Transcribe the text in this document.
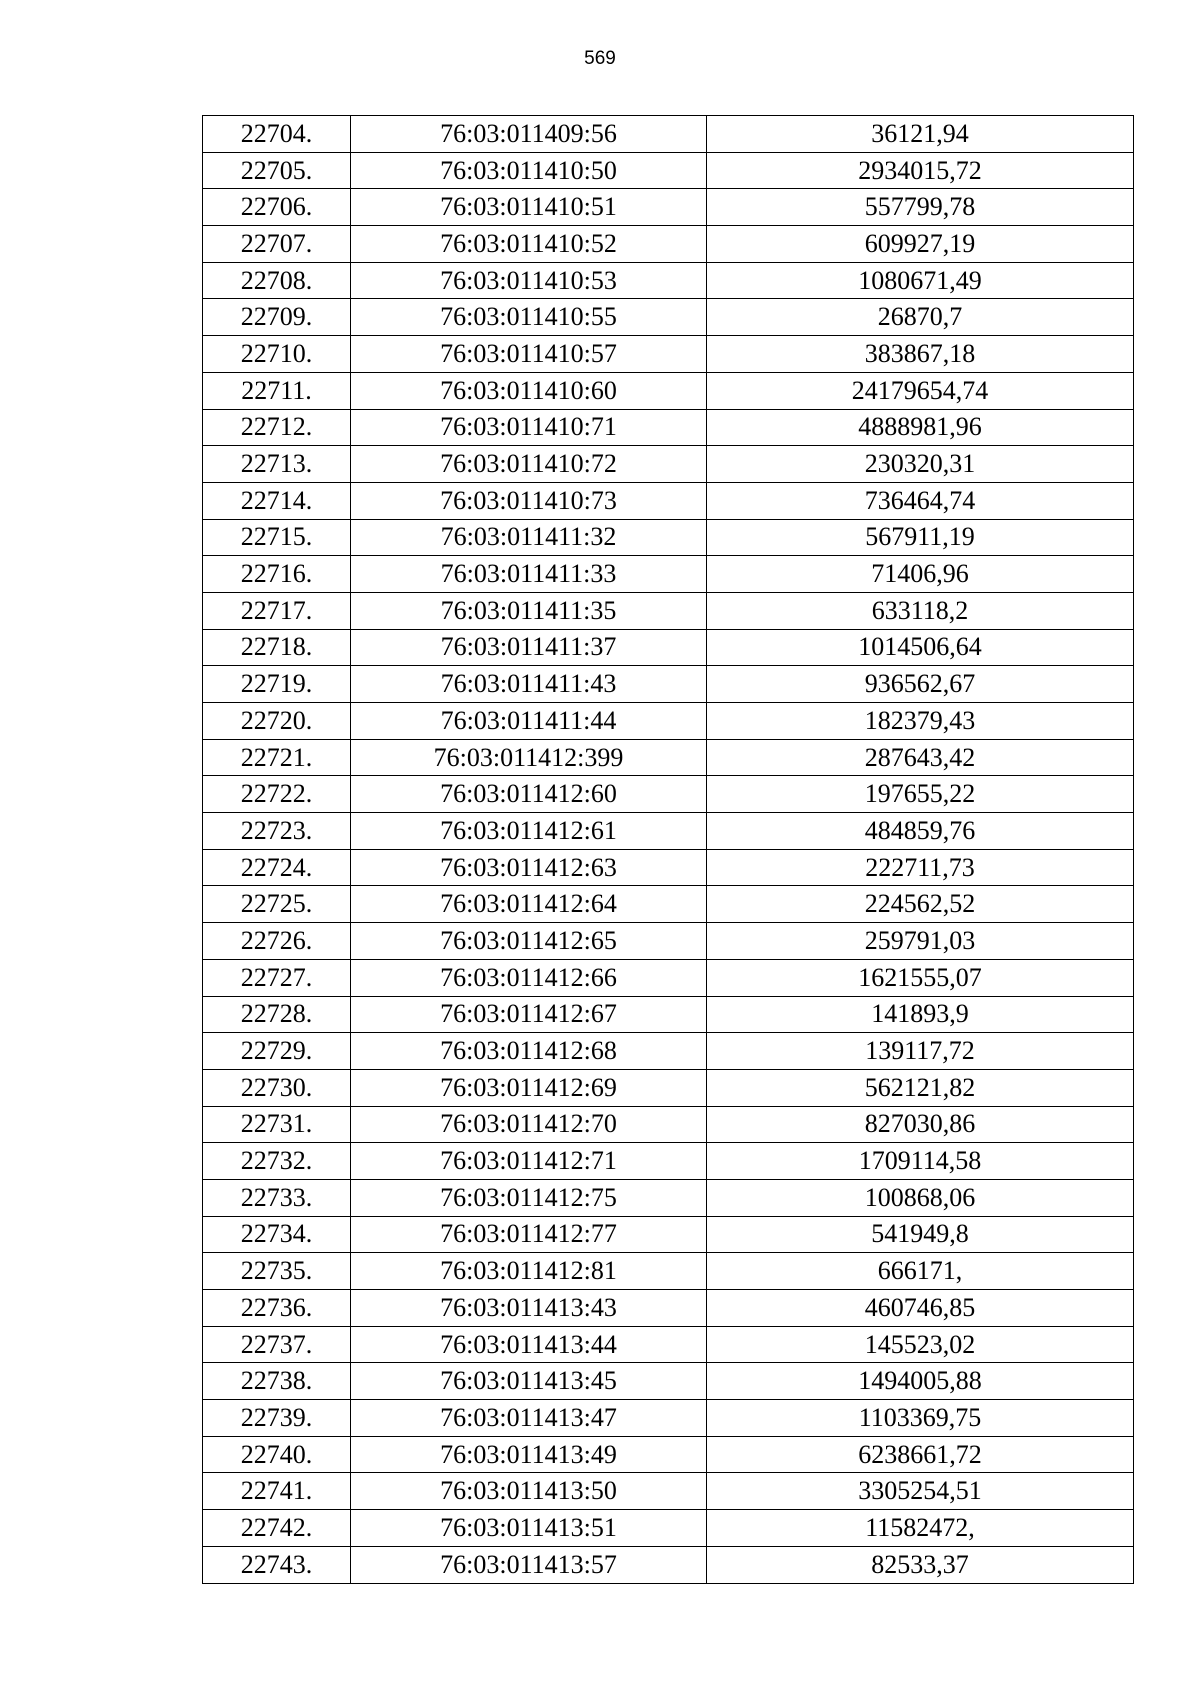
569
22704.	76:03:011409:56	36121,94
22705.	76:03:011410:50	2934015,72
22706.	76:03:011410:51	557799,78
22707.	76:03:011410:52	609927,19
22708.	76:03:011410:53	1080671,49
22709.	76:03:011410:55	26870,7
22710.	76:03:011410:57	383867,18
22711.	76:03:011410:60	24179654,74
22712.	76:03:011410:71	4888981,96
22713.	76:03:011410:72	230320,31
22714.	76:03:011410:73	736464,74
22715.	76:03:011411:32	567911,19
22716.	76:03:011411:33	71406,96
22717.	76:03:011411:35	633118,2
22718.	76:03:011411:37	1014506,64
22719.	76:03:011411:43	936562,67
22720.	76:03:011411:44	182379,43
22721.	76:03:011412:399	287643,42
22722.	76:03:011412:60	197655,22
22723.	76:03:011412:61	484859,76
22724.	76:03:011412:63	222711,73
22725.	76:03:011412:64	224562,52
22726.	76:03:011412:65	259791,03
22727.	76:03:011412:66	1621555,07
22728.	76:03:011412:67	141893,9
22729.	76:03:011412:68	139117,72
22730.	76:03:011412:69	562121,82
22731.	76:03:011412:70	827030,86
22732.	76:03:011412:71	1709114,58
22733.	76:03:011412:75	100868,06
22734.	76:03:011412:77	541949,8
22735.	76:03:011412:81	666171,
22736.	76:03:011413:43	460746,85
22737.	76:03:011413:44	145523,02
22738.	76:03:011413:45	1494005,88
22739.	76:03:011413:47	1103369,75
22740.	76:03:011413:49	6238661,72
22741.	76:03:011413:50	3305254,51
22742.	76:03:011413:51	11582472,
22743.	76:03:011413:57	82533,37
